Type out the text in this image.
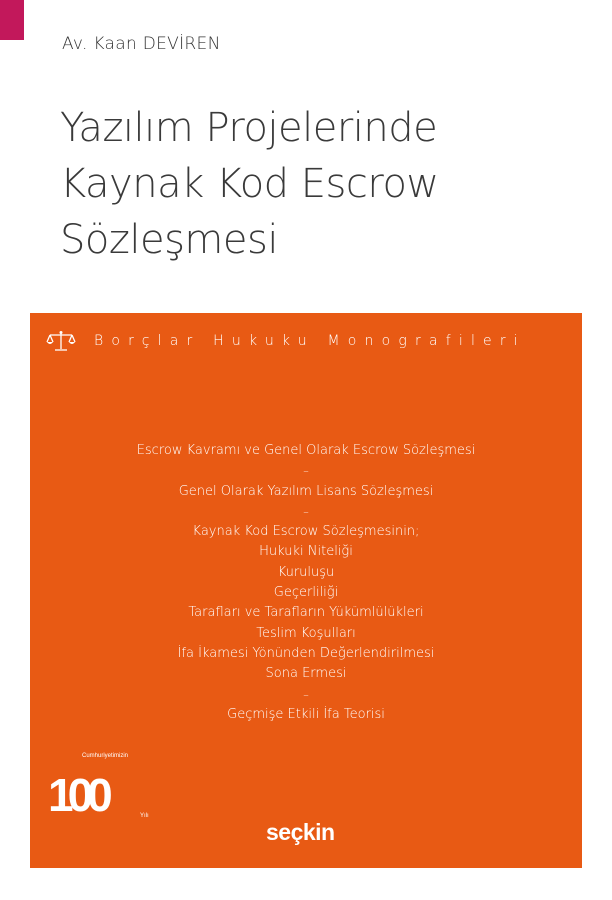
Av. Kaan DEVİREN
Yazılım Projelerinde
Kaynak Kod Escrow
Sözleşmesi
Borçlar Hukuku Monografileri
Escrow Kavramı ve Genel Olarak Escrow Sözleşmesi
–
Genel Olarak Yazılım Lisans Sözleşmesi
–
Kaynak Kod Escrow Sözleşmesinin;
Hukuki Niteliği
Kuruluşu
Geçerliliği
Tarafları ve Tarafların Yükümlülükleri
Teslim Koşulları
İfa İkamesi Yönünden Değerlendirilmesi
Sona Ermesi
–
Geçmişe Etkili İfa Teorisi
Cumhuriyetimizin
100	Yılı
seçkin
